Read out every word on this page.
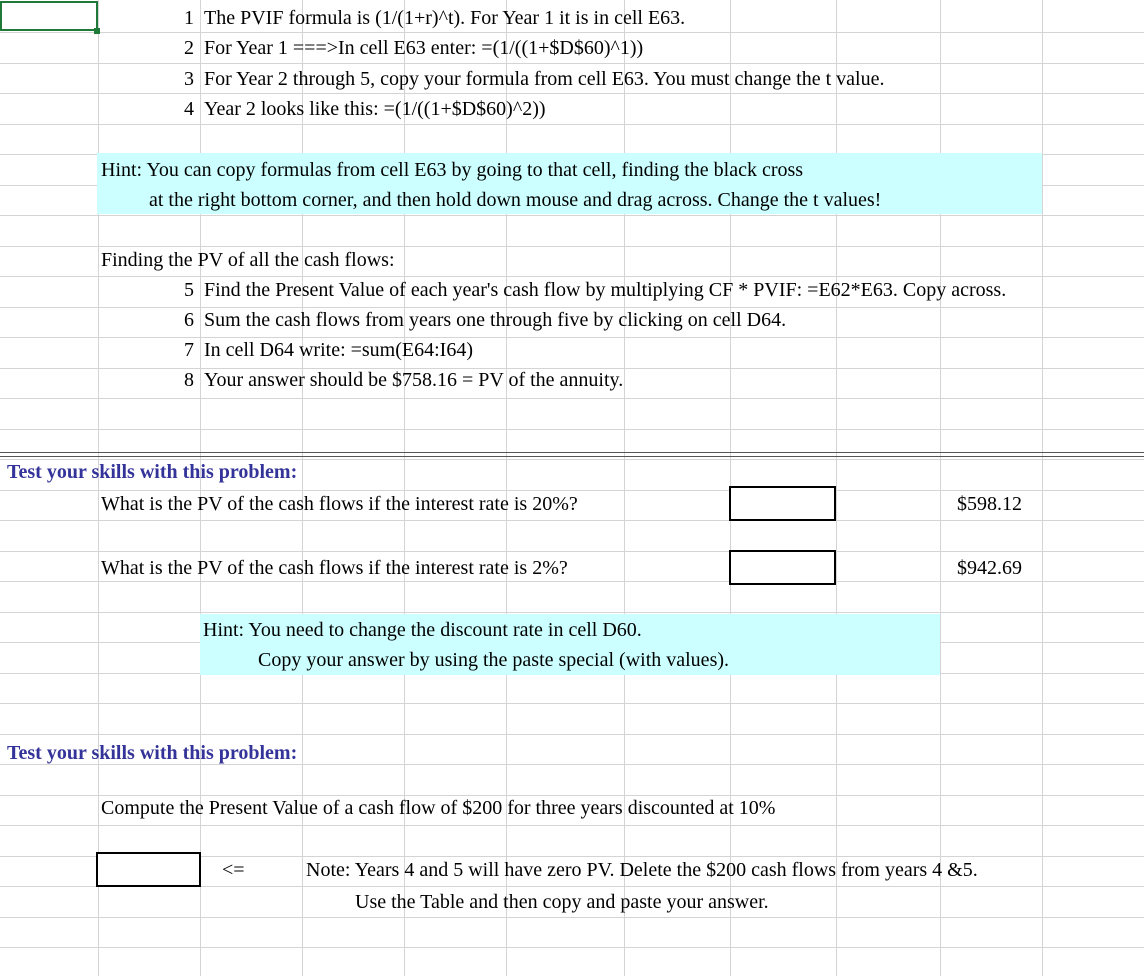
1 The PVIF formula is (1/(1+r)^t). For Year 1 it is in cell E63.
2 For Year 1 ===>In cell E63 enter: =(1/((1+$D$60)^1))
3 For Year 2 through 5, copy your formula from cell E63. You must change the t value.
4 Year 2 looks like this: =(1/((1+$D$60)^2))
Hint: You can copy formulas from cell E63 by going to that cell, finding the black cross
at the right bottom corner, and then hold down mouse and drag across. Change the t values!
Finding the PV of all the cash flows:
5 Find the Present Value of each year's cash flow by multiplying CF * PVIF: =E62*E63. Copy across.
6 Sum the cash flows from years one through five by clicking on cell D64.
7 In cell D64 write: =sum(E64:I64)
8 Your answer should be $758.16 = PV of the annuity.
Test your skills with this problem:
What is the PV of the cash flows if the interest rate is 20%?	$598.12
What is the PV of the cash flows if the interest rate is 2%?	$942.69
Hint: You need to change the discount rate in cell D60.
Copy your answer by using the paste special (with values).
Test your skills with this problem:
Compute the Present Value of a cash flow of $200 for three years discounted at 10%
<=	Note: Years 4 and 5 will have zero PV. Delete the $200 cash flows from years 4 &5.
Use the Table and then copy and paste your answer.
